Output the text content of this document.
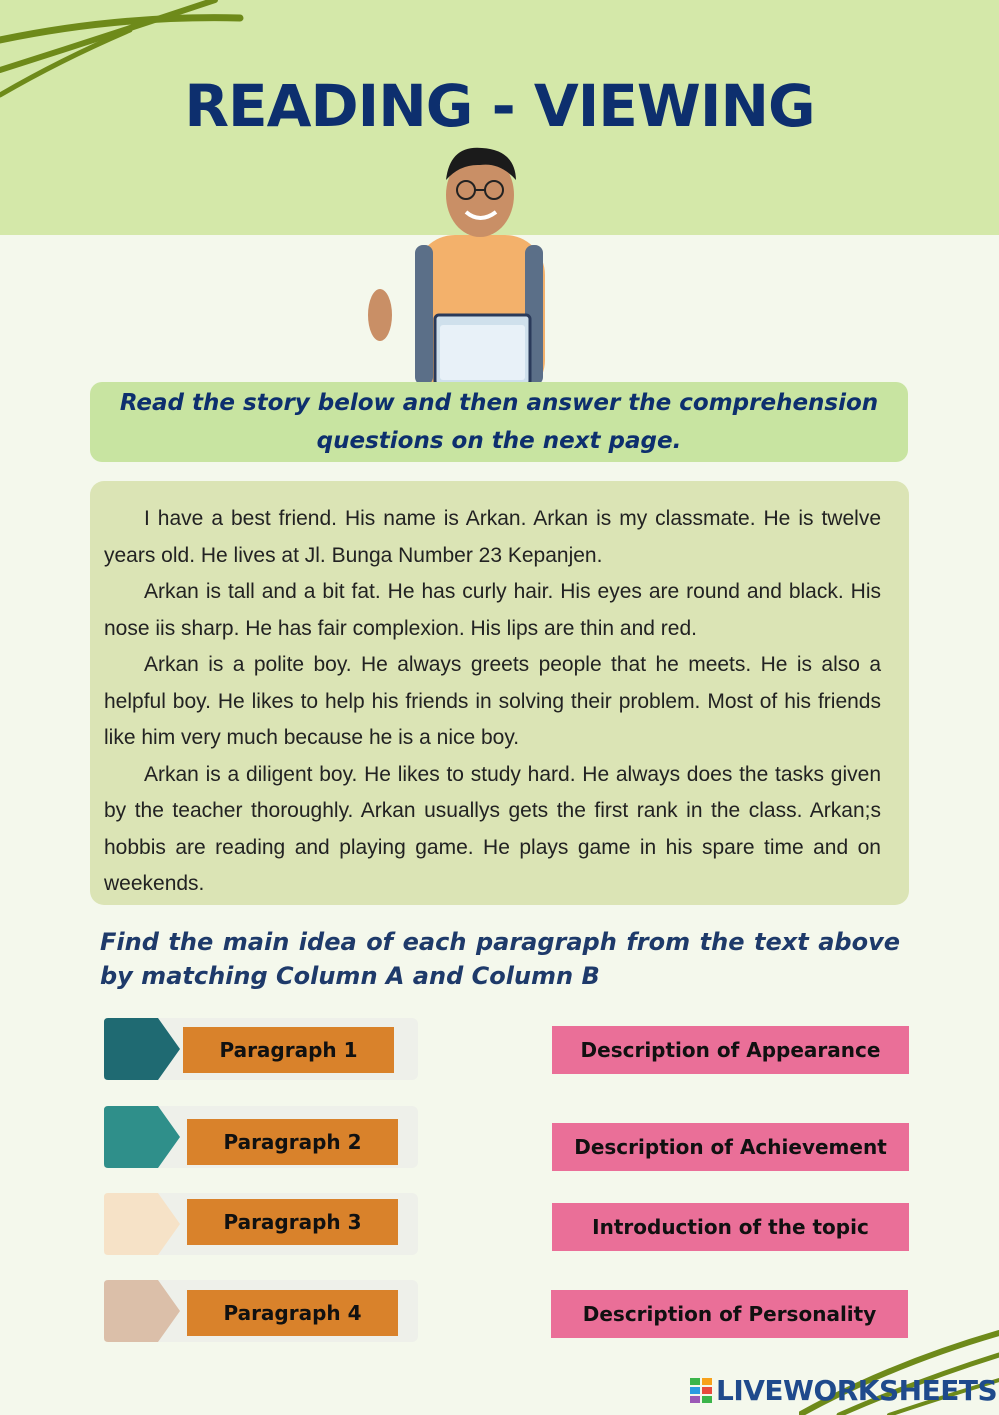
READING - VIEWING
Read the story below and then answer the comprehension questions on the next page.

I have a best friend. His name is Arkan. Arkan is my classmate. He is twelve years old. He lives at Jl. Bunga Number 23 Kepanjen.

Arkan is tall and a bit fat. He has curly hair. His eyes are round and black. His nose iis sharp. He has fair complexion. His lips are thin and red.

Arkan is a polite boy. He always greets people that he meets. He is also a helpful boy. He likes to help his friends in solving their problem. Most of his friends like him very much because he is a nice boy.

Arkan is a diligent boy. He likes to study hard. He always does the tasks given by the teacher thoroughly. Arkan usuallys gets the first rank in the class. Arkan;s hobbis are reading and playing game. He plays game in his spare time and on weekends.

Find the main idea of each paragraph from the text above by matching Column A and Column B
Paragraph 1
Paragraph 2
Paragraph 3
Paragraph 4
Description of Appearance
Description of Achievement
Introduction of the topic
Description of Personality
LIVEWORKSHEETS
